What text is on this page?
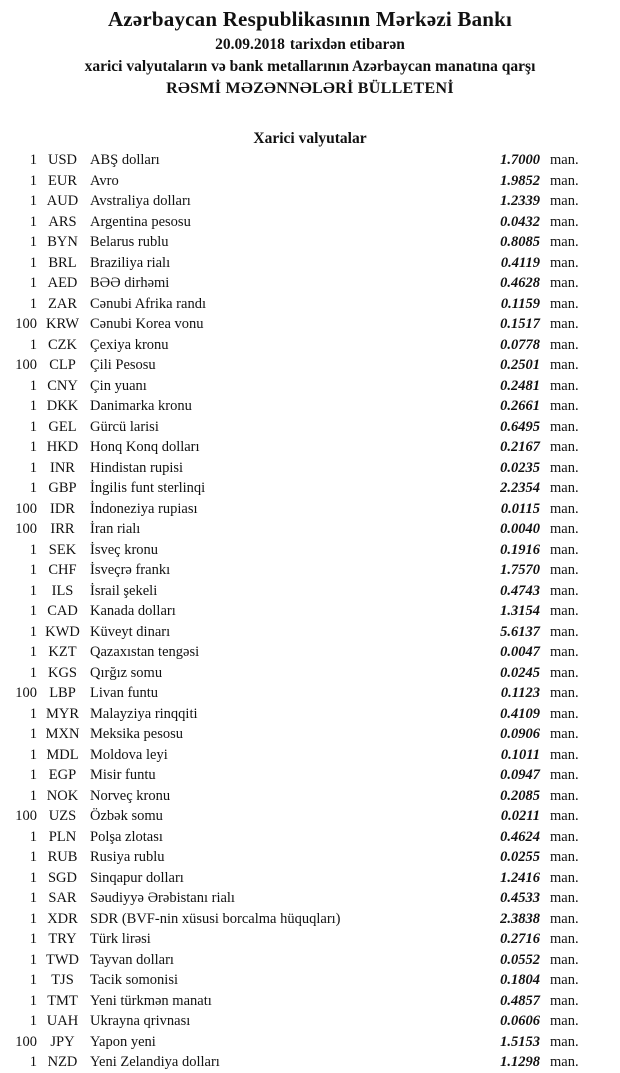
Azərbaycan Respublikasının Mərkəzi Bankı
20.09.2018 tarixdən etibarən
xarici valyutaların və bank metallarının Azərbaycan manatına qarşı
RƏSMİ MƏZƏNNƏLƏRİ BÜLLETENİ
Xarici valyutalar
1 USD ABŞ dolları	1.7000 man.
1 EUR Avro	1.9852 man.
1 AUD Avstraliya dolları	1.2339 man.
1 ARS Argentina pesosu	0.0432 man.
1 BYN Belarus rublu	0.8085 man.
1 BRL Braziliya rialı	0.4119 man.
1 AED BƏƏ dirhəmi	0.4628 man.
1 ZAR Cənubi Afrika randı	0.1159 man.
100 KRW Cənubi Korea vonu	0.1517 man.
1 CZK Çexiya kronu	0.0778 man.
100 CLP Çili Pesosu	0.2501 man.
1 CNY Çin yuanı	0.2481 man.
1 DKK Danimarka kronu	0.2661 man.
1 GEL Gürcü larisi	0.6495 man.
1 HKD Honq Konq dolları	0.2167 man.
1 INR	Hindistan rupisi	0.0235 man.
1 GBP İngilis funt sterlinqi	2.2354 man.
100 IDR	İndoneziya rupiası	0.0115 man.
100 IRR	İran rialı	0.0040 man.
1 SEK İsveç kronu	0.1916 man.
1 CHF İsveçrə frankı	1.7570 man.
1	ILS	İsrail şekeli	0.4743 man.
1 CAD Kanada dolları	1.3154 man.
1 KWD Küveyt dinarı	5.6137 man.
1 KZT Qazaxıstan tengəsi	0.0047 man.
1 KGS Qırğız somu	0.0245 man.
100 LBP Livan funtu	0.1123 man.
1 MYR Malayziya rinqqiti	0.4109 man.
1 MXN Meksika pesosu	0.0906 man.
1 MDL Moldova leyi	0.1011 man.
1 EGP Misir funtu	0.0947 man.
1 NOK Norveç kronu	0.2085 man.
100 UZS Özbək somu	0.0211 man.
1 PLN Polşa zlotası	0.4624 man.
1 RUB Rusiya rublu	0.0255 man.
1 SGD Sinqapur dolları	1.2416 man.
1 SAR Səudiyyə Ərəbistanı rialı	0.4533 man.
1 XDR SDR (BVF-nin xüsusi borcalma hüquqları)	2.3838 man.
1 TRY Türk lirəsi	0.2716 man.
1 TWD Tayvan dolları	0.0552 man.
1 TJS	Tacik somonisi	0.1804 man.
1 TMT Yeni türkmən manatı	0.4857 man.
1 UAH Ukrayna qrivnası	0.0606 man.
100 JPY	Yapon yeni	1.5153 man.
1 NZD Yeni Zelandiya dolları	1.1298 man.
